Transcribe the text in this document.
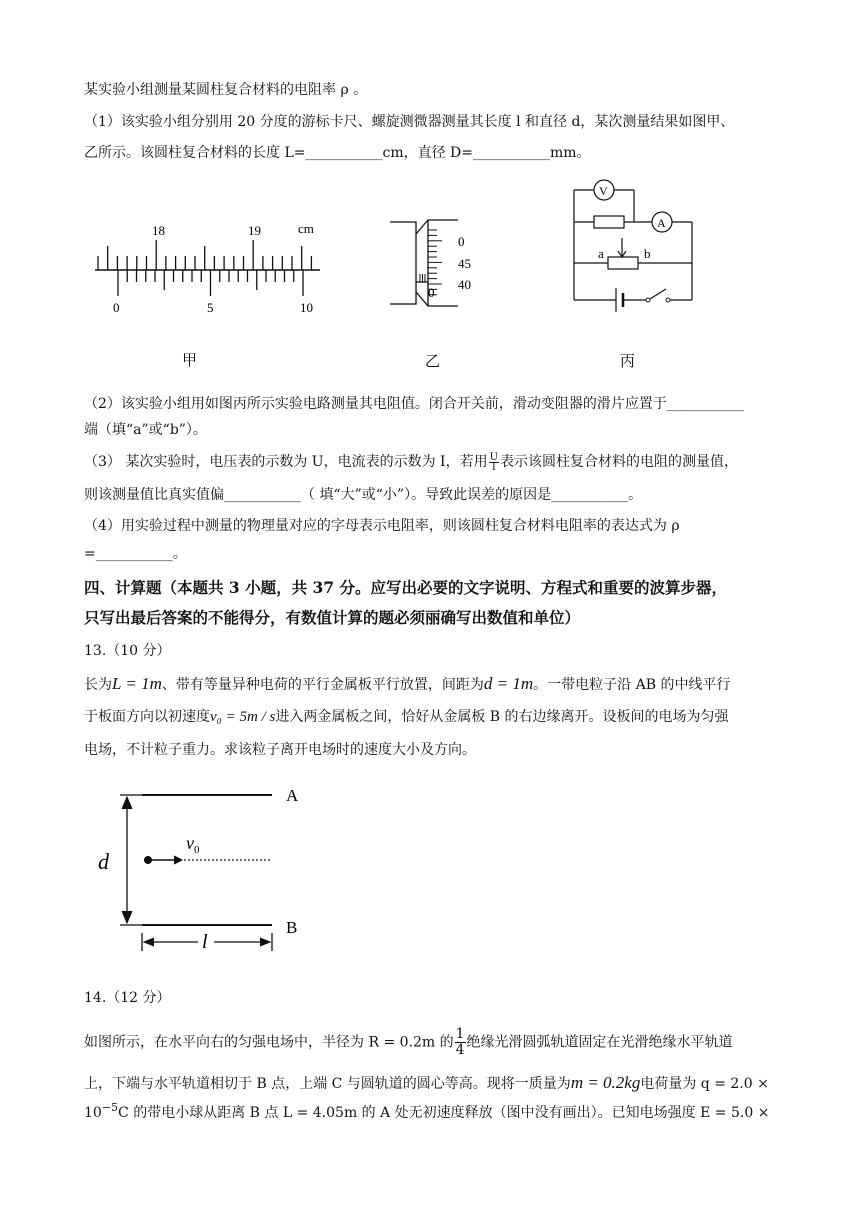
某实验小组测量某圆柱复合材料的电阻率 ρ 。
（1）该实验小组分别用 20 分度的游标卡尺、螺旋测微器测量其长度 l 和直径 d，某次测量结果如图甲、
乙所示。该圆柱复合材料的长度 L=___________cm，直径 D=___________mm。
18	19	cm
0	5	10
甲
0
45
40
0
乙
V
A
a	b
丙
（2）该实验小组用如图丙所示实验电路测量其电阻值。闭合开关前，滑动变阻器的滑片应置于___________
端（填“a”或“b”）。
（3） 某次实验时，电压表的示数为 U，电流表的示数为 I，若用 $\frac{U}{I}$表示该圆柱复合材料的电阻的测量值，
则该测量值比真实值偏___________（ 填“大”或“小”）。导致此误差的原因是___________。
（4）用实验过程中测量的物理量对应的字母表示电阻率，则该圆柱复合材料电阻率的表达式为 ρ
=___________。
四、计算题（本题共 3 小题，共 37 分。应写出必要的文字说明、方程式和重要的波算步器，
只写出最后答案的不能得分，有数值计算的题必须丽确写出数值和单位）
13.（10 分）
长为L = 1m、带有等量异种电荷的平行金属板平行放置，间距为d = 1m。一带电粒子沿 AB 的中线平行
于板面方向以初速度v₀ = 5m / s进入两金属板之间，恰好从金属板 B 的右边缘离开。设板间的电场为匀强
电场，不计粒子重力。求该粒子离开电场时的速度大小及方向。
A
B
d
$v_0$
l
14.（12 分）
如图所示，在水平向右的匀强电场中，半径为 R = 0.2m 的 $\frac{1}{4}$绝缘光滑圆弧轨道固定在光滑绝缘水平轨道
上，下端与水平轨道相切于 B 点，上端 C 与圆轨道的圆心等高。现将一质量为m = 0.2kg电荷量为 q = 2.0 ×
$10^{-5}C$ 的带电小球从距离 B 点 L = 4.05m 的 A 处无初速度释放（图中没有画出）。已知电场强度 E = 5.0 ×
